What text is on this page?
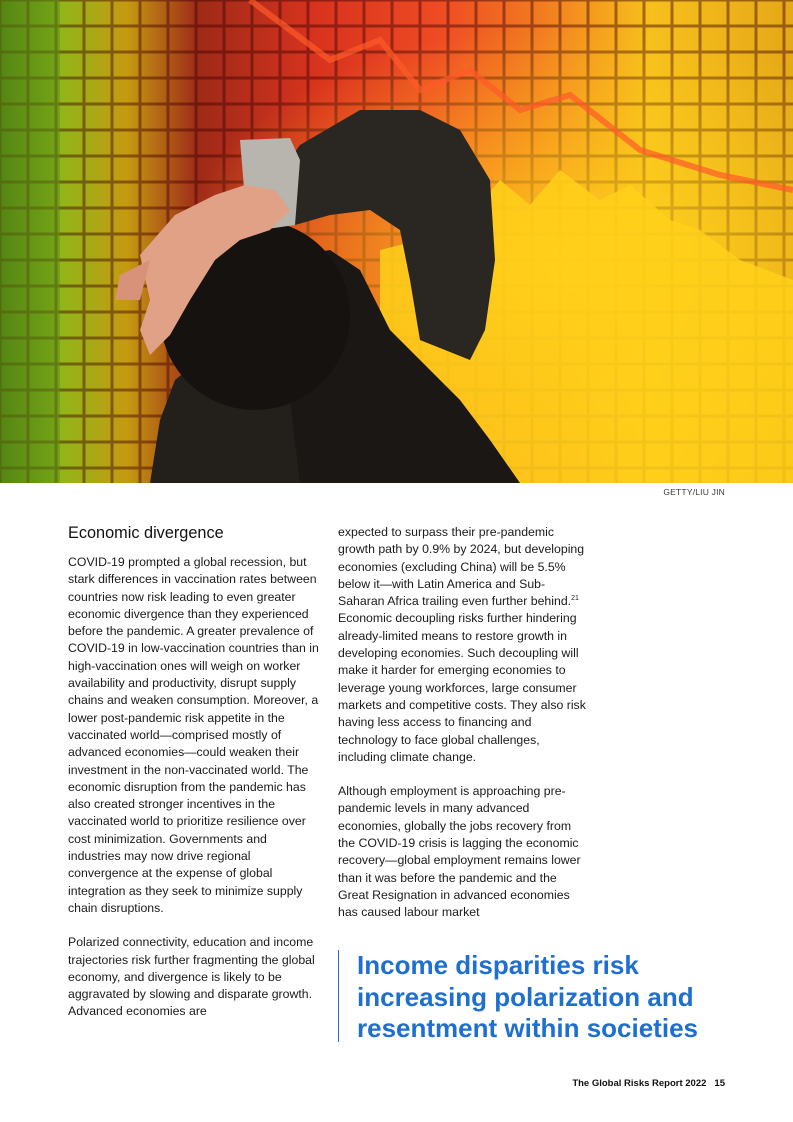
GETTY/LIU JIN
Economic divergence

COVID-19 prompted a global recession, but stark differences in vaccination rates between countries now risk leading to even greater economic divergence than they experienced before the pandemic. A greater prevalence of COVID-19 in low-vaccination countries than in high-vaccination ones will weigh on worker availability and productivity, disrupt supply chains and weaken consumption. Moreover, a lower post-pandemic risk appetite in the vaccinated world—comprised mostly of advanced economies—could weaken their investment in the non-vaccinated world. The economic disruption from the pandemic has also created stronger incentives in the vaccinated world to prioritize resilience over cost minimization. Governments and industries may now drive regional convergence at the expense of global integration as they seek to minimize supply chain disruptions.

Polarized connectivity, education and income trajectories risk further fragmenting the global economy, and divergence is likely to be aggravated by slowing and disparate growth. Advanced economies are

expected to surpass their pre-pandemic growth path by 0.9% by 2024, but developing economies (excluding China) will be 5.5% below it—with Latin America and Sub-Saharan Africa trailing even further behind.$^{21}$ Economic decoupling risks further hindering already-limited means to restore growth in developing economies. Such decoupling will make it harder for emerging economies to leverage young workforces, large consumer markets and competitive costs. They also risk having less access to financing and technology to face global challenges, including climate change.

Although employment is approaching pre-pandemic levels in many advanced economies, globally the jobs recovery from the COVID-19 crisis is lagging the economic recovery—global employment remains lower than it was before the pandemic and the Great Resignation in advanced economies has caused labour market

Income disparities risk
increasing polarization and
resentment within societies
The Global Risks Report 2022 15
